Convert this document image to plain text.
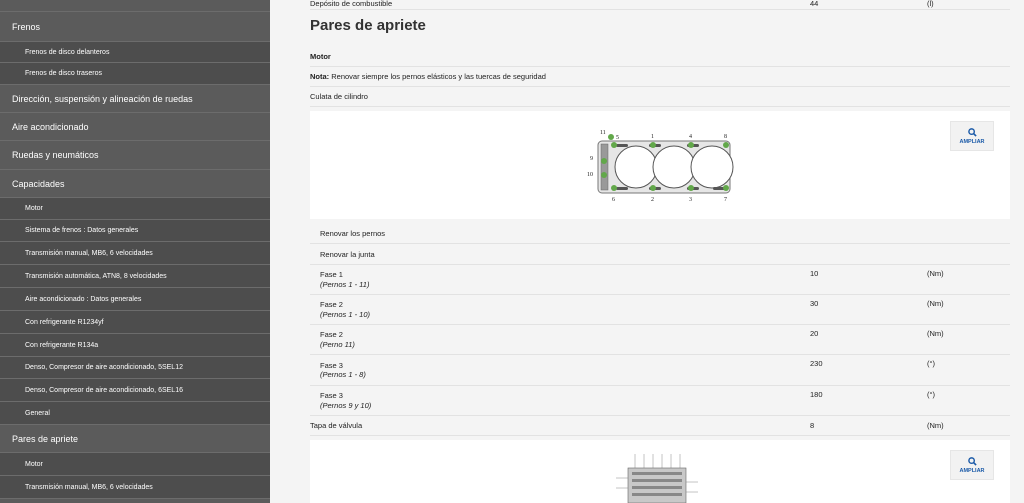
Frenos
Frenos de disco delanteros
Frenos de disco traseros
Dirección, suspensión y alineación de ruedas
Aire acondicionado
Ruedas y neumáticos
Capacidades
Motor
Sistema de frenos : Datos generales
Transmisión manual, MB6, 6 velocidades
Transmisión automática, ATN8, 8 velocidades
Aire acondicionado : Datos generales
Con refrigerante R1234yf
Con refrigerante R134a
Denso, Compresor de aire acondicionado, 5SEL12
Denso, Compresor de aire acondicionado, 6SEL16
General
Pares de apriete
Motor
Transmisión manual, MB6, 6 velocidades
Depósito de combustible	44	(l)
Pares de apriete
Motor
Nota: Renovar siempre los pernos elásticos y las tuercas de seguridad
Culata de cilindro
11
5	1	4	8
9
10
6	2	3	7
AMPLIAR
Renovar los pernos
Renovar la junta
Fase 1
(Pernos 1 - 11)
10	(Nm)
Fase 2
(Pernos 1 - 10)
30	(Nm)
Fase 2
(Perno 11)
20	(Nm)
Fase 3
(Pernos 1 - 8)
230	(°)
Fase 3
(Pernos 9 y 10)
180	(°)
Tapa de válvula	8	(Nm)
AMPLIAR
